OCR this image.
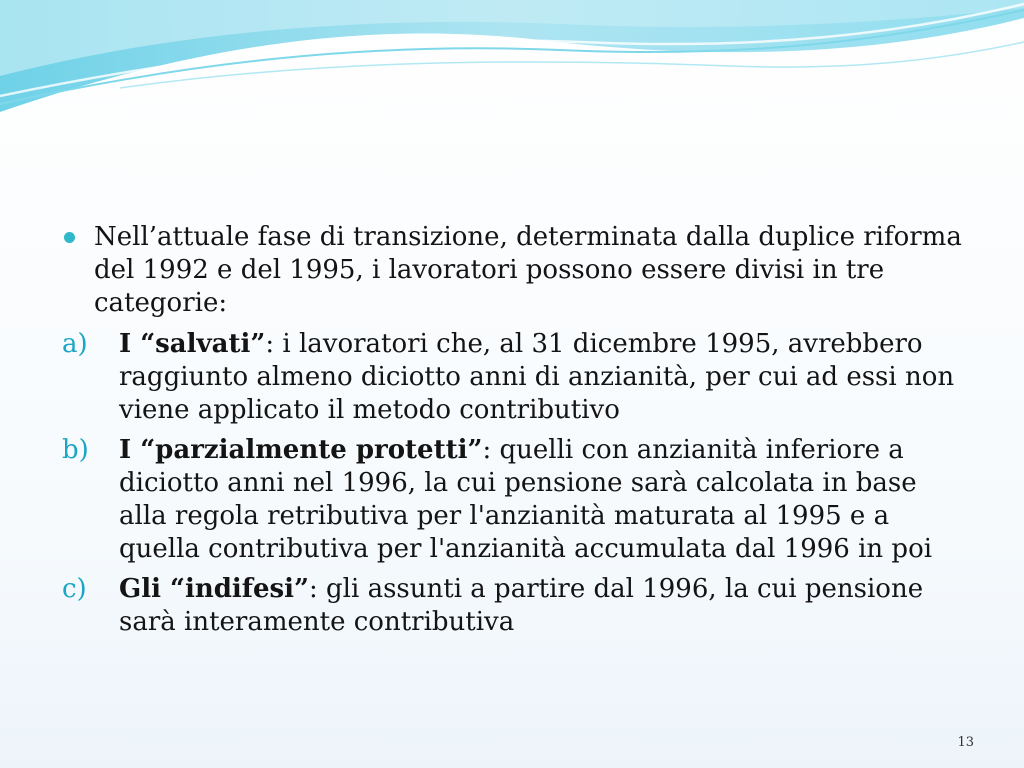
Nell’attuale fase di transizione, determinata dalla duplice riforma del 1992 e del 1995, i lavoratori possono essere divisi in tre categorie:
a) I “salvati”: i lavoratori che, al 31 dicembre 1995, avrebbero raggiunto almeno diciotto anni di anzianità, per cui ad essi non viene applicato il metodo contributivo
b) I “parzialmente protetti”: quelli con anzianità inferiore a diciotto anni nel 1996, la cui pensione sarà calcolata in base alla regola retributiva per l'anzianità maturata al 1995 e a quella contributiva per l'anzianità accumulata dal 1996 in poi
c) Gli “indifesi”: gli assunti a partire dal 1996, la cui pensione sarà interamente contributiva
13
